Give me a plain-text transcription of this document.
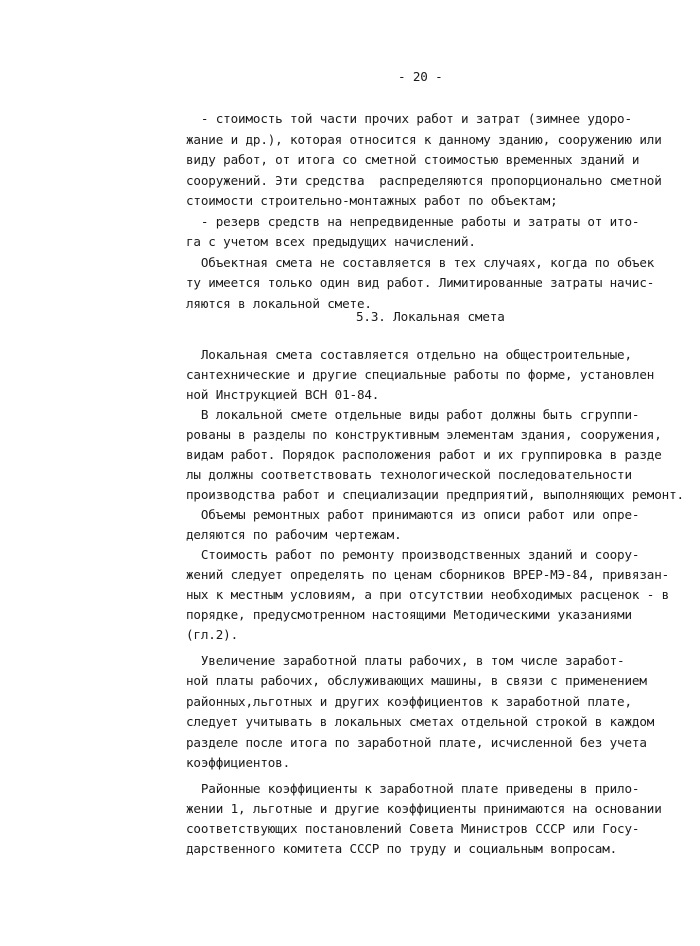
- 20 -
- стоимость той части прочих работ и затрат (зимнее удоро-
жание и др.), которая относится к данному зданию, сооружению или
виду работ, от итога со сметной стоимостью временных зданий и
сооружений. Эти средства  распределяются пропорционально сметной
стоимости строительно-монтажных работ по объектам;
- резерв средств на непредвиденные работы и затраты от ито-
га с учетом всех предыдущих начислений.
Объектная смета не составляется в тех случаях, когда по объек
ту имеется только один вид работ. Лимитированные затраты начис-
ляются в локальной смете.
5.3. Локальная смета
Локальная смета составляется отдельно на общестроительные,
сантехнические и другие специальные работы по форме, установлен
ной Инструкцией ВСН 01-84.
В локальной смете отдельные виды работ должны быть сгруппи-
рованы в разделы по конструктивным элементам здания, сооружения,
видам работ. Порядок расположения работ и их группировка в разде
лы должны соответствовать технологической последовательности
производства работ и специализации предприятий, выполняющих ремонт.
Объемы ремонтных работ принимаются из описи работ или опре-
деляются по рабочим чертежам.
Стоимость работ по ремонту производственных зданий и соору-
жений следует определять по ценам сборников ВРЕР-МЭ-84, привязан-
ных к местным условиям, а при отсутствии необходимых расценок - в
порядке, предусмотренном настоящими Методическими указаниями
(гл.2).
Увеличение заработной платы рабочих, в том числе заработ-
ной платы рабочих, обслуживающих машины, в связи с применением
районных,льготных и других коэффициентов к заработной плате,
следует учитывать в локальных сметах отдельной строкой в каждом
разделе после итога по заработной плате, исчисленной без учета
коэффициентов.
Районные коэффициенты к заработной плате приведены в прило-
жении 1, льготные и другие коэффициенты принимаются на основании
соответствующих постановлений Совета Министров СССР или Госу-
дарственного комитета СССР по труду и социальным вопросам.
